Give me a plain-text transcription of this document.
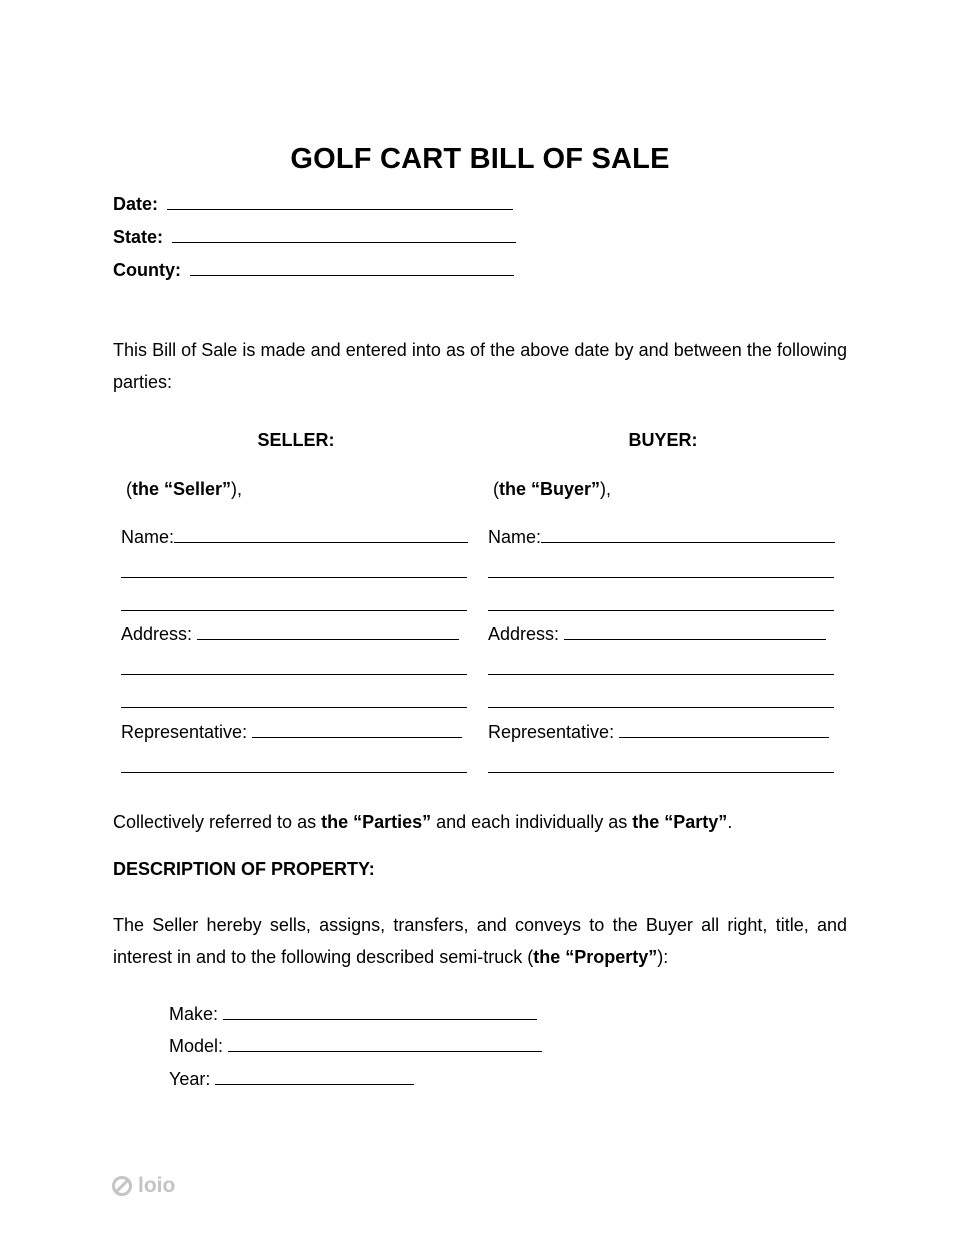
GOLF CART BILL OF SALE
Date:
State:
County:
This Bill of Sale is made and entered into as of the above date by and between the following parties:
SELLER:	BUYER:
(the “Seller”),	(the “Buyer”),
Name:
Address:
Representative:
Name:
Address:
Representative:
Collectively referred to as the “Parties” and each individually as the “Party”.
DESCRIPTION OF PROPERTY:
The Seller hereby sells, assigns, transfers, and conveys to the Buyer all right, title, and interest in and to the following described semi-truck (the “Property”):
Make:
Model:
Year:
loio
